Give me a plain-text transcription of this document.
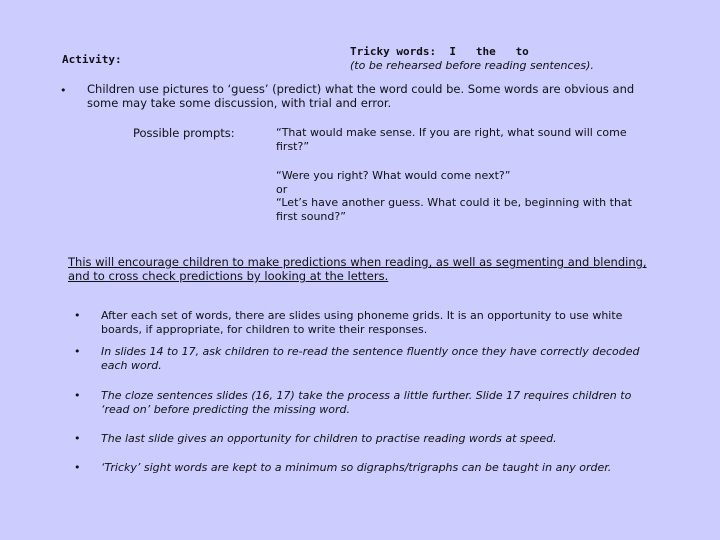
Activity:
Tricky words:  I   the   to
(to be rehearsed before reading sentences).
• Children use pictures to ‘guess’ (predict) what the word could be. Some words are obvious and some may take some discussion, with trial and error.
Possible prompts:	“That would make sense. If you are right, what sound will come first?”
“Were you right? What would come next?”
or
“Let’s have another guess. What could it be, beginning with that first sound?”
This will encourage children to make predictions when reading, as well as segmenting and blending, and to cross check predictions by looking at the letters.
• After each set of words, there are slides using phoneme grids. It is an opportunity to use white boards, if appropriate, for children to write their responses.
• In slides 14 to 17, ask children to re-read the sentence fluently once they have correctly decoded each word.
• The cloze sentences slides (16, 17) take the process a little further. Slide 17 requires children to ‘read on’ before predicting the missing word.
• The last slide gives an opportunity for children to practise reading words at speed.
• ‘Tricky’ sight words are kept to a minimum so digraphs/trigraphs can be taught in any order.
